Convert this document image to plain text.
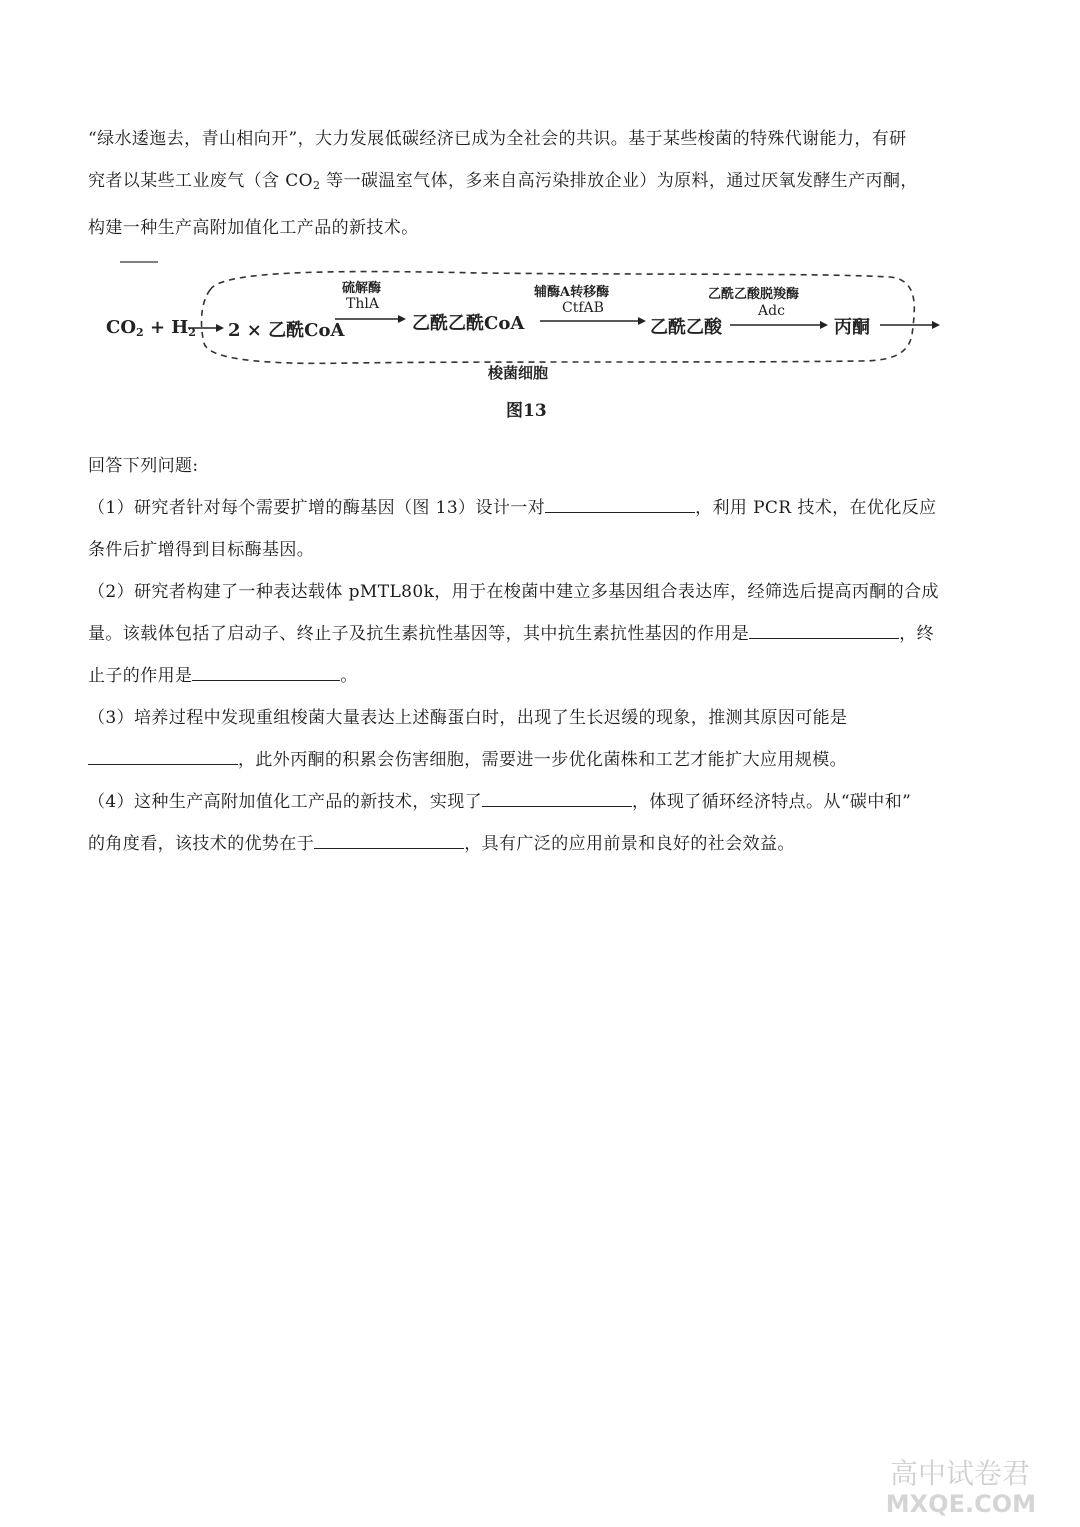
“绿水逶迤去，青山相向开”，大力发展低碳经济已成为全社会的共识。基于某些梭菌的特殊代谢能力，有研
究者以某些工业废气（含 $CO_2$ 等一碳温室气体，多来自高污染排放企业）为原料，通过厌氧发酵生产丙酮，
构建一种生产高附加值化工产品的新技术。
$CO_2 + H_2$ 2 × 乙酰CoA
硫解酶
ThlA
乙酰乙酰CoA
辅酶A转移酶
CtfAB
乙酰乙酸
乙酰乙酸脱羧酶
Adc
丙酮
梭菌细胞
图13
回答下列问题:
（1）研究者针对每个需要扩增的酶基因（图 13）设计一对	，利用 PCR 技术，在优化反应
条件后扩增得到目标酶基因。
（2）研究者构建了一种表达载体 pMTL80k，用于在梭菌中建立多基因组合表达库，经筛选后提高丙酮的合成
量。该载体包括了启动子、终止子及抗生素抗性基因等，其中抗生素抗性基因的作用是	，终
止子的作用是	。
（3）培养过程中发现重组梭菌大量表达上述酶蛋白时，出现了生长迟缓的现象，推测其原因可能是
，此外丙酮的积累会伤害细胞，需要进一步优化菌株和工艺才能扩大应用规模。
（4）这种生产高附加值化工产品的新技术，实现了	，体现了循环经济特点。从“碳中和”
的角度看，该技术的优势在于	，具有广泛的应用前景和良好的社会效益。
高中试卷君
MXQE.COM
